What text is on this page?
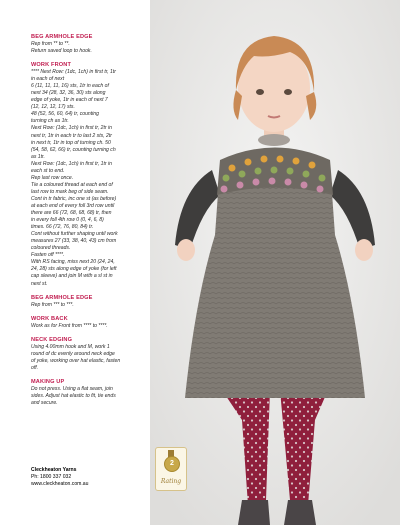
BEG ARMHOLE EDGE
Rep from ** to **.
Return saved loop to hook.
WORK FRONT
**** Next Row: (1dc, 1ch) in first tr, 1tr
in each of next
6 (11, 11, 11, 16) sts, 1tr in each of
next 34 (28, 32, 36, 30) sts along
edge of yoke, 1tr in each of next 7
(12, 12, 12, 17) sts.
48 (52, 56, 60, 64) tr, counting
turning ch as 1tr.
Next Row: (1dc, 1ch) in first tr, 2tr in
next tr, 1tr in each tr to last 2 sts, 2tr
in next tr, 1tr in top of turning ch. 50
(54, 58, 62, 66) tr, counting turning ch
as 1tr.
Next Row: (1dc, 1ch) in first tr, 1tr in
each st to end.
Rep last row once.
Tie a coloured thread at each end of
last row to mark beg of side seam.
Cont in tr fabric, inc one st (as before)
at each end of every foll 3rd row until
there are 66 (72, 68, 68, 68) tr, then
in every foll 4th row 0 (0, 4, 6, 8)
times. 66 (72, 76, 80, 84) tr.
Cont without further shaping until work
measures 27 (33, 38, 40, 43) cm from
coloured threads.
Fasten off ****.
With RS facing, miss next 20 (24, 24,
24, 28) sts along edge of yoke (for left
cap sleeve) and join M with a sl st in
next st.
BEG ARMHOLE EDGE
Rep from *** to ***.
WORK BACK
Work as for Front from **** to ****.
NECK EDGING
Using 4.00mm hook and M, work 1
round of dc evenly around neck edge
of yoke, working over hat elastic, fasten
off.
MAKING UP
Do not press. Using a flat seam, join
sides. Adjust hat elastic to fit, tie ends
and secure.
Cleckheaton Yarns
Ph: 1800 337 032
www.cleckheaton.com.au
2
Rating
